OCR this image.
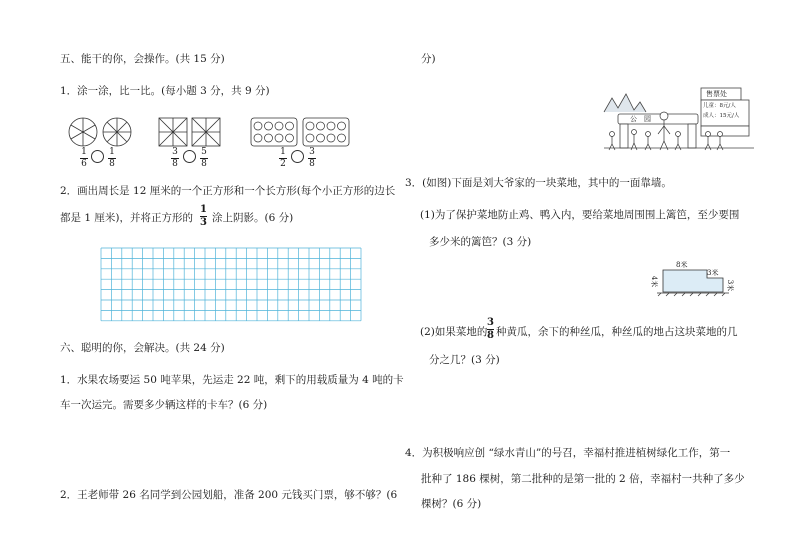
五、能干的你，会操作。(共 15 分)
1．涂一涂，比一比。(每小题 3 分，共 9 分)
1
6
1
8
3
8
5
8
1
2
3
8
2．画出周长是 12 厘米的一个正方形和一个长方形(每个小正方形的边长
都是 1 厘米)，并将正方形的
1
3 涂上阴影。(6 分)
六、聪明的你，会解决。(共 24 分)
1．水果农场要运 50 吨苹果，先运走 22 吨，剩下的用载质量为 4 吨的卡
车一次运完。需要多少辆这样的卡车？(6 分)
2．王老师带 26 名同学到公园划船，准备 200 元钱买门票，够不够？(6
分)
公　园
售票处
儿童：8元/人
成人：15元/人
3．(如图)下面是刘大爷家的一块菜地，其中的一面靠墙。
(1)为了保护菜地防止鸡、鸭入内，要给菜地周围围上篱笆，至少要围
多少米的篱笆？(3 分)
8米
3米
4米	3米
(2)如果菜地的
3
8 种黄瓜，余下的种丝瓜，种丝瓜的地占这块菜地的几
分之几？(3 分)
4．为积极响应创 “绿水青山”的号召，幸福村推进植树绿化工作，第一
批种了 186 棵树，第二批种的是第一批的 2 倍，幸福村一共种了多少
棵树？(6 分)
